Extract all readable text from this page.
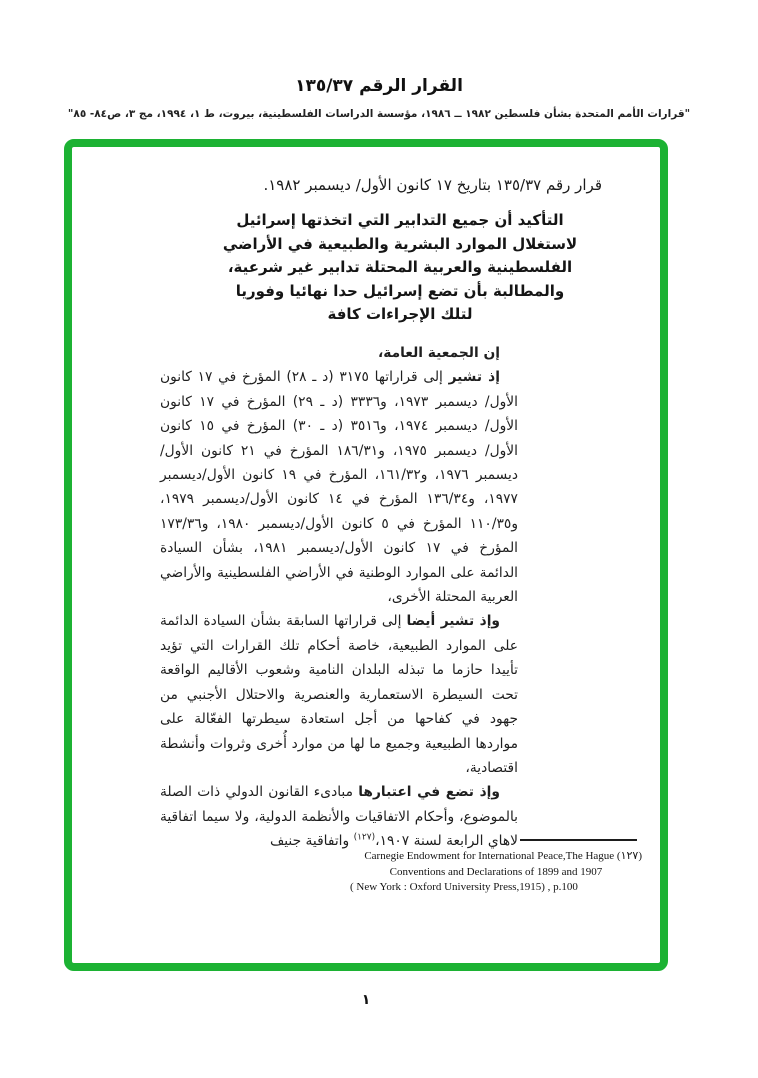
القرار الرقم ١٣٥/٣٧
"قرارات الأمم المتحدة بشأن فلسطين ١٩٨٢ ــ ١٩٨٦، مؤسسة الدراسات الفلسطينية، بيروت، ط ١، ١٩٩٤، مج ٣، ص٨٤- ٨٥"
قرار رقم ١٣٥/٣٧ بتاريخ ١٧ كانون الأول/ ديسمبر ١٩٨٢.
التأكيد أن جميع التدابير التي اتخذتها إسرائيل
لاستغلال الموارد البشرية والطبيعية في الأراضي
الفلسطينية والعربية المحتلة تدابير غير شرعية،
والمطالبة بأن تضع إسرائيل حدا نهائيا وفوريا
لتلك الإجراءات كافة

إن الجمعية العامة،

إذ تشير إلى قراراتها ٣١٧٥ (د ـ ٢٨) المؤرخ في ١٧ كانون الأول/ ديسمبر ١٩٧٣، و٣٣٣٦ (د ـ ٢٩) المؤرخ في ١٧ كانون الأول/ ديسمبر ١٩٧٤، و٣٥١٦ (د ـ ٣٠) المؤرخ في ١٥ كانون الأول/ ديسمبر ١٩٧٥، و١٨٦/٣١ المؤرخ في ٢١ كانون الأول/ديسمبر ١٩٧٦، و١٦١/٣٢، المؤرخ في ١٩ كانون الأول/ديسمبر ١٩٧٧، و١٣٦/٣٤ المؤرخ في ١٤ كانون الأول/ديسمبر ١٩٧٩، و١١٠/٣٥ المؤرخ في ٥ كانون الأول/ديسمبر ١٩٨٠، و١٧٣/٣٦ المؤرخ في ١٧ كانون الأول/ديسمبر ١٩٨١، بشأن السيادة الدائمة على الموارد الوطنية في الأراضي الفلسطينية والأراضي العربية المحتلة الأخرى،

وإذ تشير أيضا إلى قراراتها السابقة بشأن السيادة الدائمة على الموارد الطبيعية، خاصة أحكام تلك القرارات التي تؤيد تأييدا حازما ما تبذله البلدان النامية وشعوب الأقاليم الواقعة تحت السيطرة الاستعمارية والعنصرية والاحتلال الأجنبي من جهود في كفاحها من أجل استعادة سيطرتها الفعّالة على مواردها الطبيعية وجميع ما لها من موارد أُخرى وثروات وأنشطة اقتصادية،

وإذ تضع في اعتبارها مبادىء القانون الدولي ذات الصلة بالموضوع، وأحكام الاتفاقيات والأنظمة الدولية، ولا سيما اتفاقية لاهاي الرابعة لسنة ١٩٠٧،$^{(١٢٧)}$ واتفاقية جنيف

Carnegie Endowment for International Peace,The Hague (١٢٧)
Conventions and Declarations of 1899 and 1907
( New York : Oxford University Press,1915) , p.100
١
